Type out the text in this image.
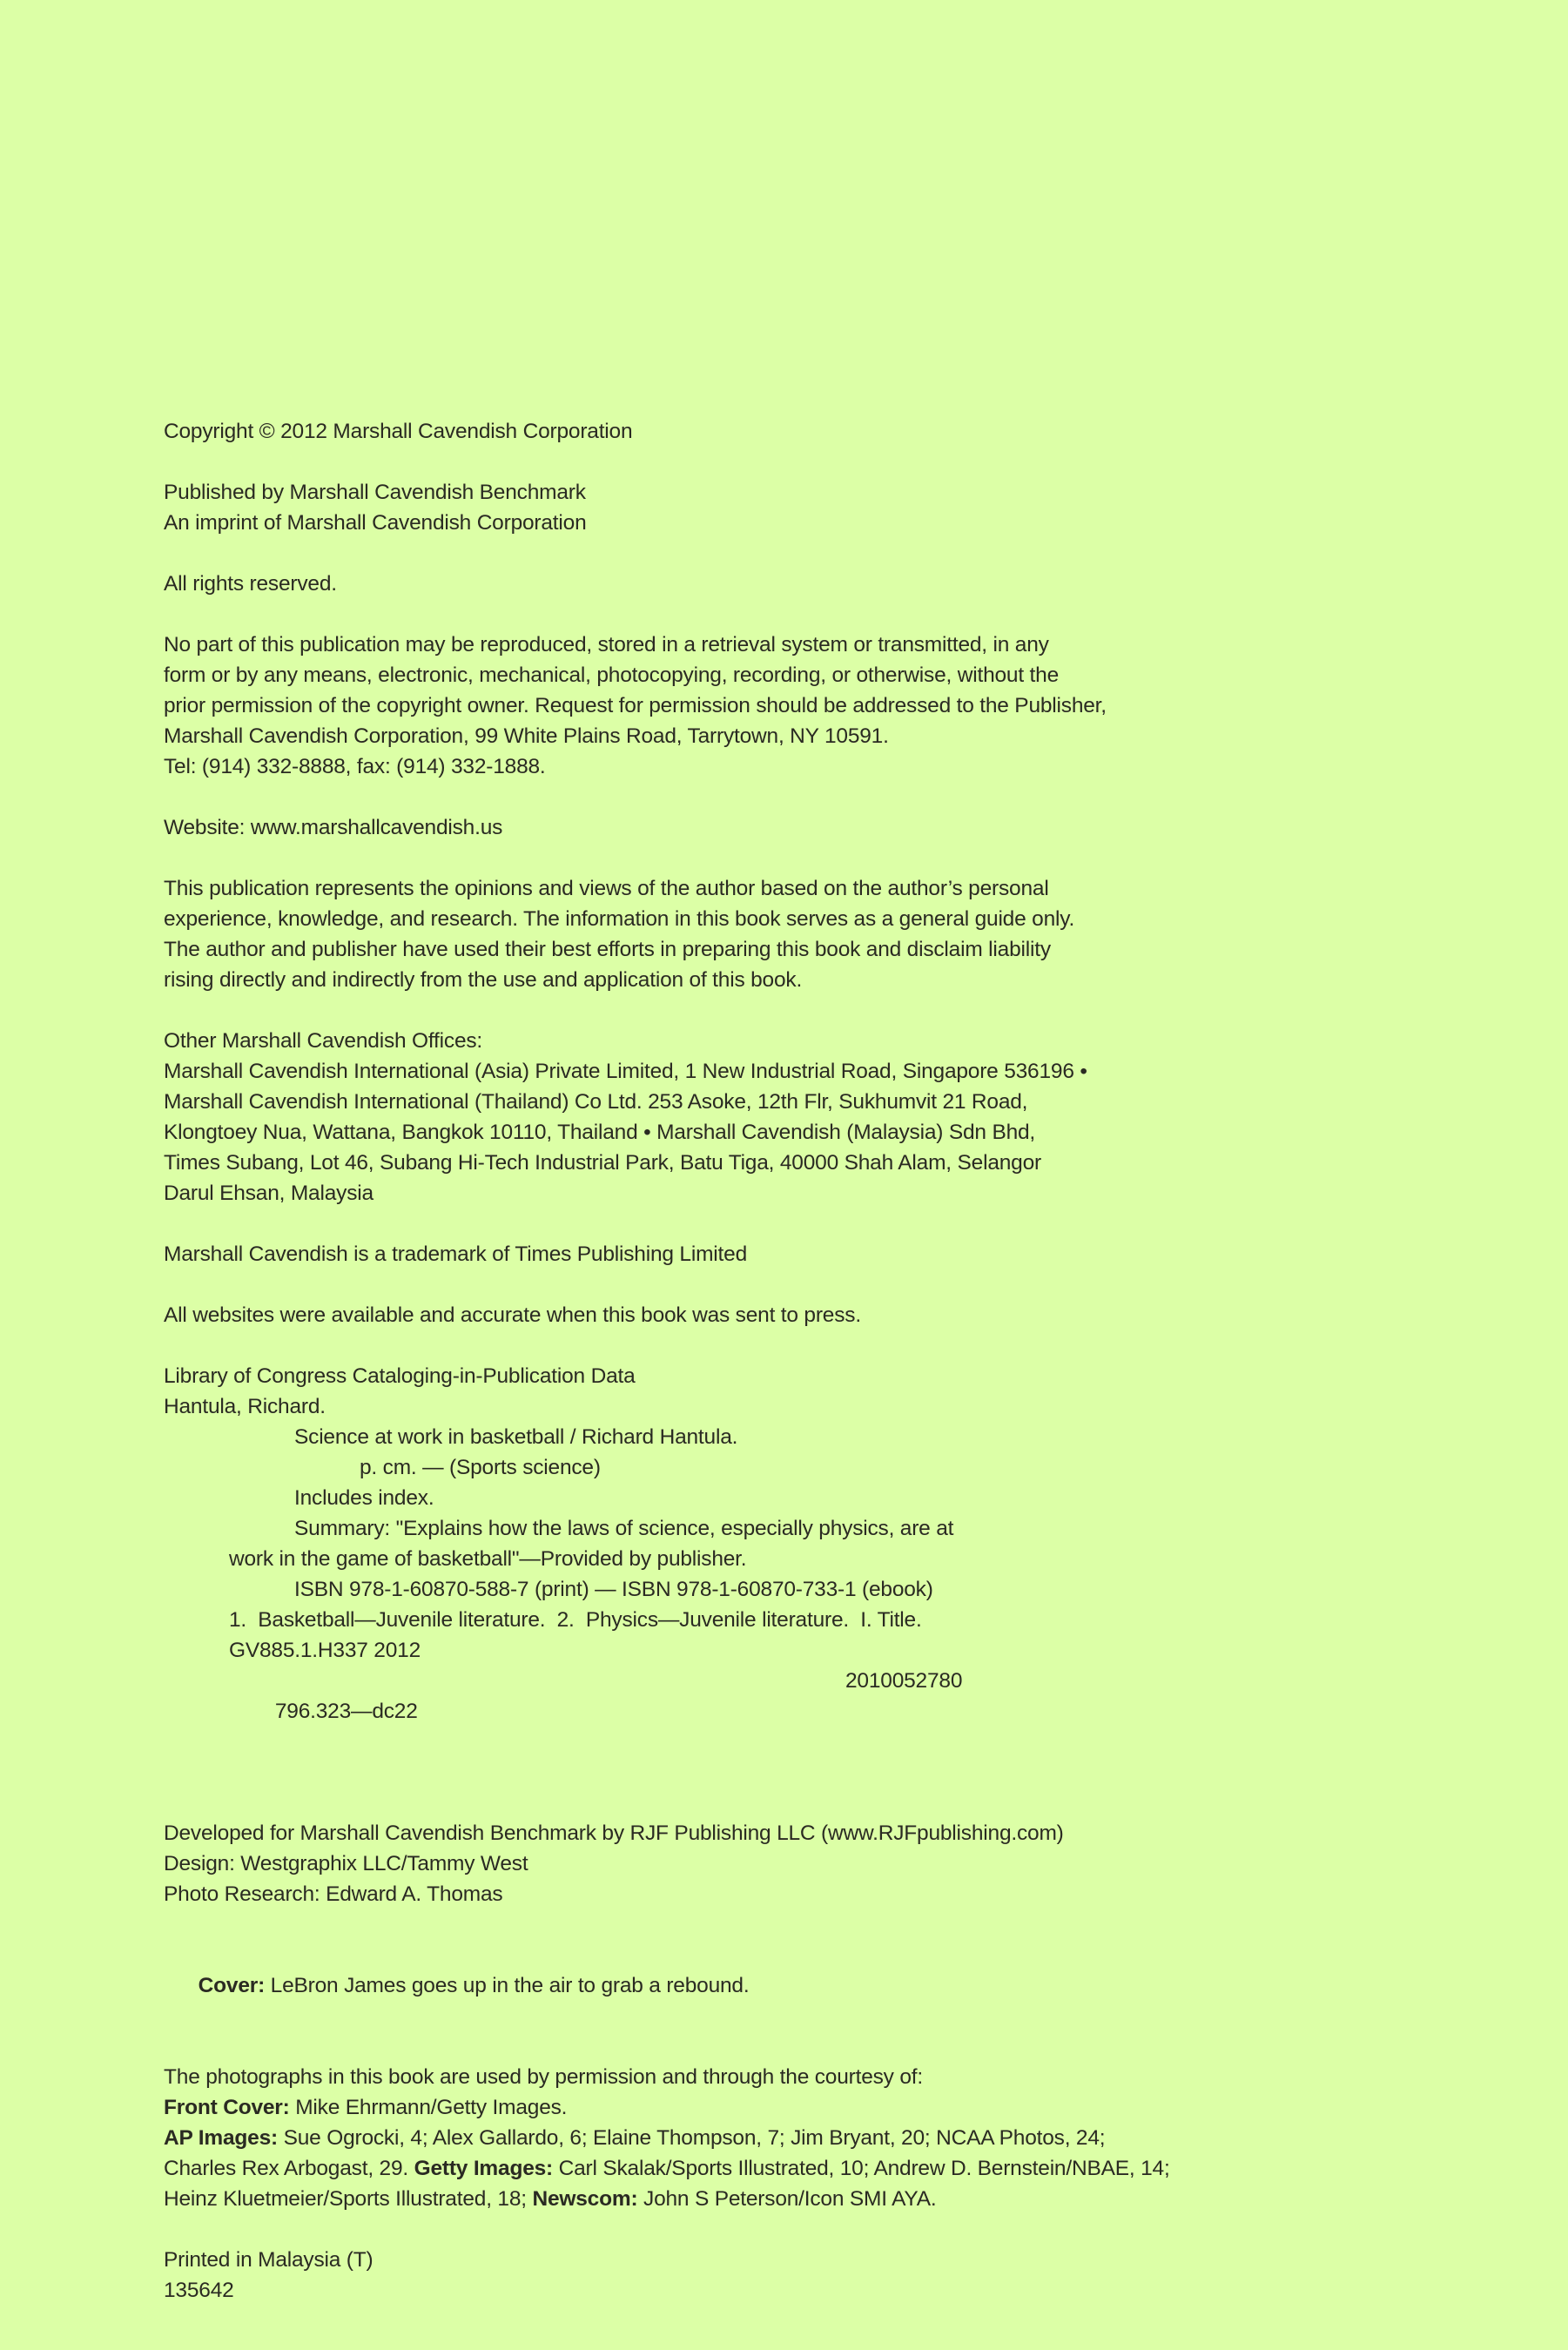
Copyright © 2012 Marshall Cavendish Corporation
Published by Marshall Cavendish Benchmark
An imprint of Marshall Cavendish Corporation
All rights reserved.
No part of this publication may be reproduced, stored in a retrieval system or transmitted, in any
form or by any means, electronic, mechanical, photocopying, recording, or otherwise, without the
prior permission of the copyright owner. Request for permission should be addressed to the Publisher,
Marshall Cavendish Corporation, 99 White Plains Road, Tarrytown, NY 10591.
Tel: (914) 332-8888, fax: (914) 332-1888.
Website: www.marshallcavendish.us
This publication represents the opinions and views of the author based on the author’s personal
experience, knowledge, and research. The information in this book serves as a general guide only.
The author and publisher have used their best efforts in preparing this book and disclaim liability
rising directly and indirectly from the use and application of this book.
Other Marshall Cavendish Offices:
Marshall Cavendish International (Asia) Private Limited, 1 New Industrial Road, Singapore 536196 •
Marshall Cavendish International (Thailand) Co Ltd. 253 Asoke, 12th Flr, Sukhumvit 21 Road,
Klongtoey Nua, Wattana, Bangkok 10110, Thailand • Marshall Cavendish (Malaysia) Sdn Bhd,
Times Subang, Lot 46, Subang Hi-Tech Industrial Park, Batu Tiga, 40000 Shah Alam, Selangor
Darul Ehsan, Malaysia
Marshall Cavendish is a trademark of Times Publishing Limited
All websites were available and accurate when this book was sent to press.
Library of Congress Cataloging-in-Publication Data
Hantula, Richard.
Science at work in basketball / Richard Hantula.
p. cm. — (Sports science)
Includes index.
Summary: "Explains how the laws of science, especially physics, are at
work in the game of basketball"—Provided by publisher.
ISBN 978-1-60870-588-7 (print) — ISBN 978-1-60870-733-1 (ebook)
1.  Basketball—Juvenile literature.  2.  Physics—Juvenile literature.  I. Title.
GV885.1.H337 2012

796.323—dc22

2010052780

Developed for Marshall Cavendish Benchmark by RJF Publishing LLC (www.RJFpublishing.com)
Design: Westgraphix LLC/Tammy West
Photo Research: Edward A. Thomas

Cover: LeBron James goes up in the air to grab a rebound.

The photographs in this book are used by permission and through the courtesy of:
Front Cover: Mike Ehrmann/Getty Images.
AP Images: Sue Ogrocki, 4; Alex Gallardo, 6; Elaine Thompson, 7; Jim Bryant, 20; NCAA Photos, 24;
Charles Rex Arbogast, 29. Getty Images: Carl Skalak/Sports Illustrated, 10; Andrew D. Bernstein/NBAE, 14;
Heinz Kluetmeier/Sports Illustrated, 18; Newscom: John S Peterson/Icon SMI AYA.
Printed in Malaysia (T)
135642
